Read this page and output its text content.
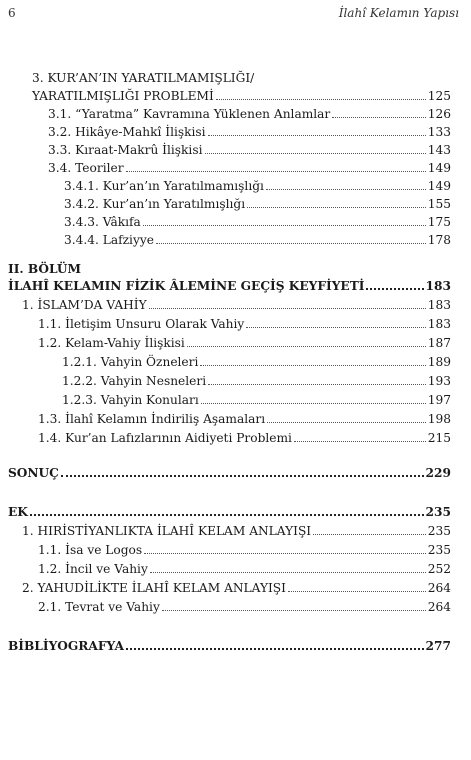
6	İlahî Kelamın Yapısı
3. KUR’AN’IN YARATILMAMIŞLIĞI/
YARATILMIŞLIĞI PROBLEMİ	125
3.1. “Yaratma” Kavramına Yüklenen Anlamlar	126
3.2. Hikâye-Mahkî İlişkisi	133
3.3. Kıraat-Makrû İlişkisi	143
3.4. Teoriler	149
3.4.1. Kur’an’ın Yaratılmamışlığı	149
3.4.2. Kur’an’ın Yaratılmışlığı	155
3.4.3. Vâkıfa	175
3.4.4. Lafziyye	178
II. BÖLÜM
İLAHÎ KELAMIN FİZİK ÂLEMİNE GEÇİŞ KEYFİYETİ	183
1. İSLAM’DA VAHİY	183
1.1. İletişim Unsuru Olarak Vahiy	183
1.2. Kelam-Vahiy İlişkisi	187
1.2.1. Vahyin Özneleri	189
1.2.2. Vahyin Nesneleri	193
1.2.3. Vahyin Konuları	197
1.3. İlahî Kelamın İndiriliş Aşamaları	198
1.4. Kur’an Lafızlarının Aidiyeti Problemi	215
SONUÇ	229
EK	235
1. HIRİSTİYANLIKTA İLAHÎ KELAM ANLAYIŞI	235
1.1. İsa ve Logos	235
1.2. İncil ve Vahiy	252
2. YAHUDİLİKTE İLAHÎ KELAM ANLAYIŞI	264
2.1. Tevrat ve Vahiy	264
BİBLİYOGRAFYA	277
